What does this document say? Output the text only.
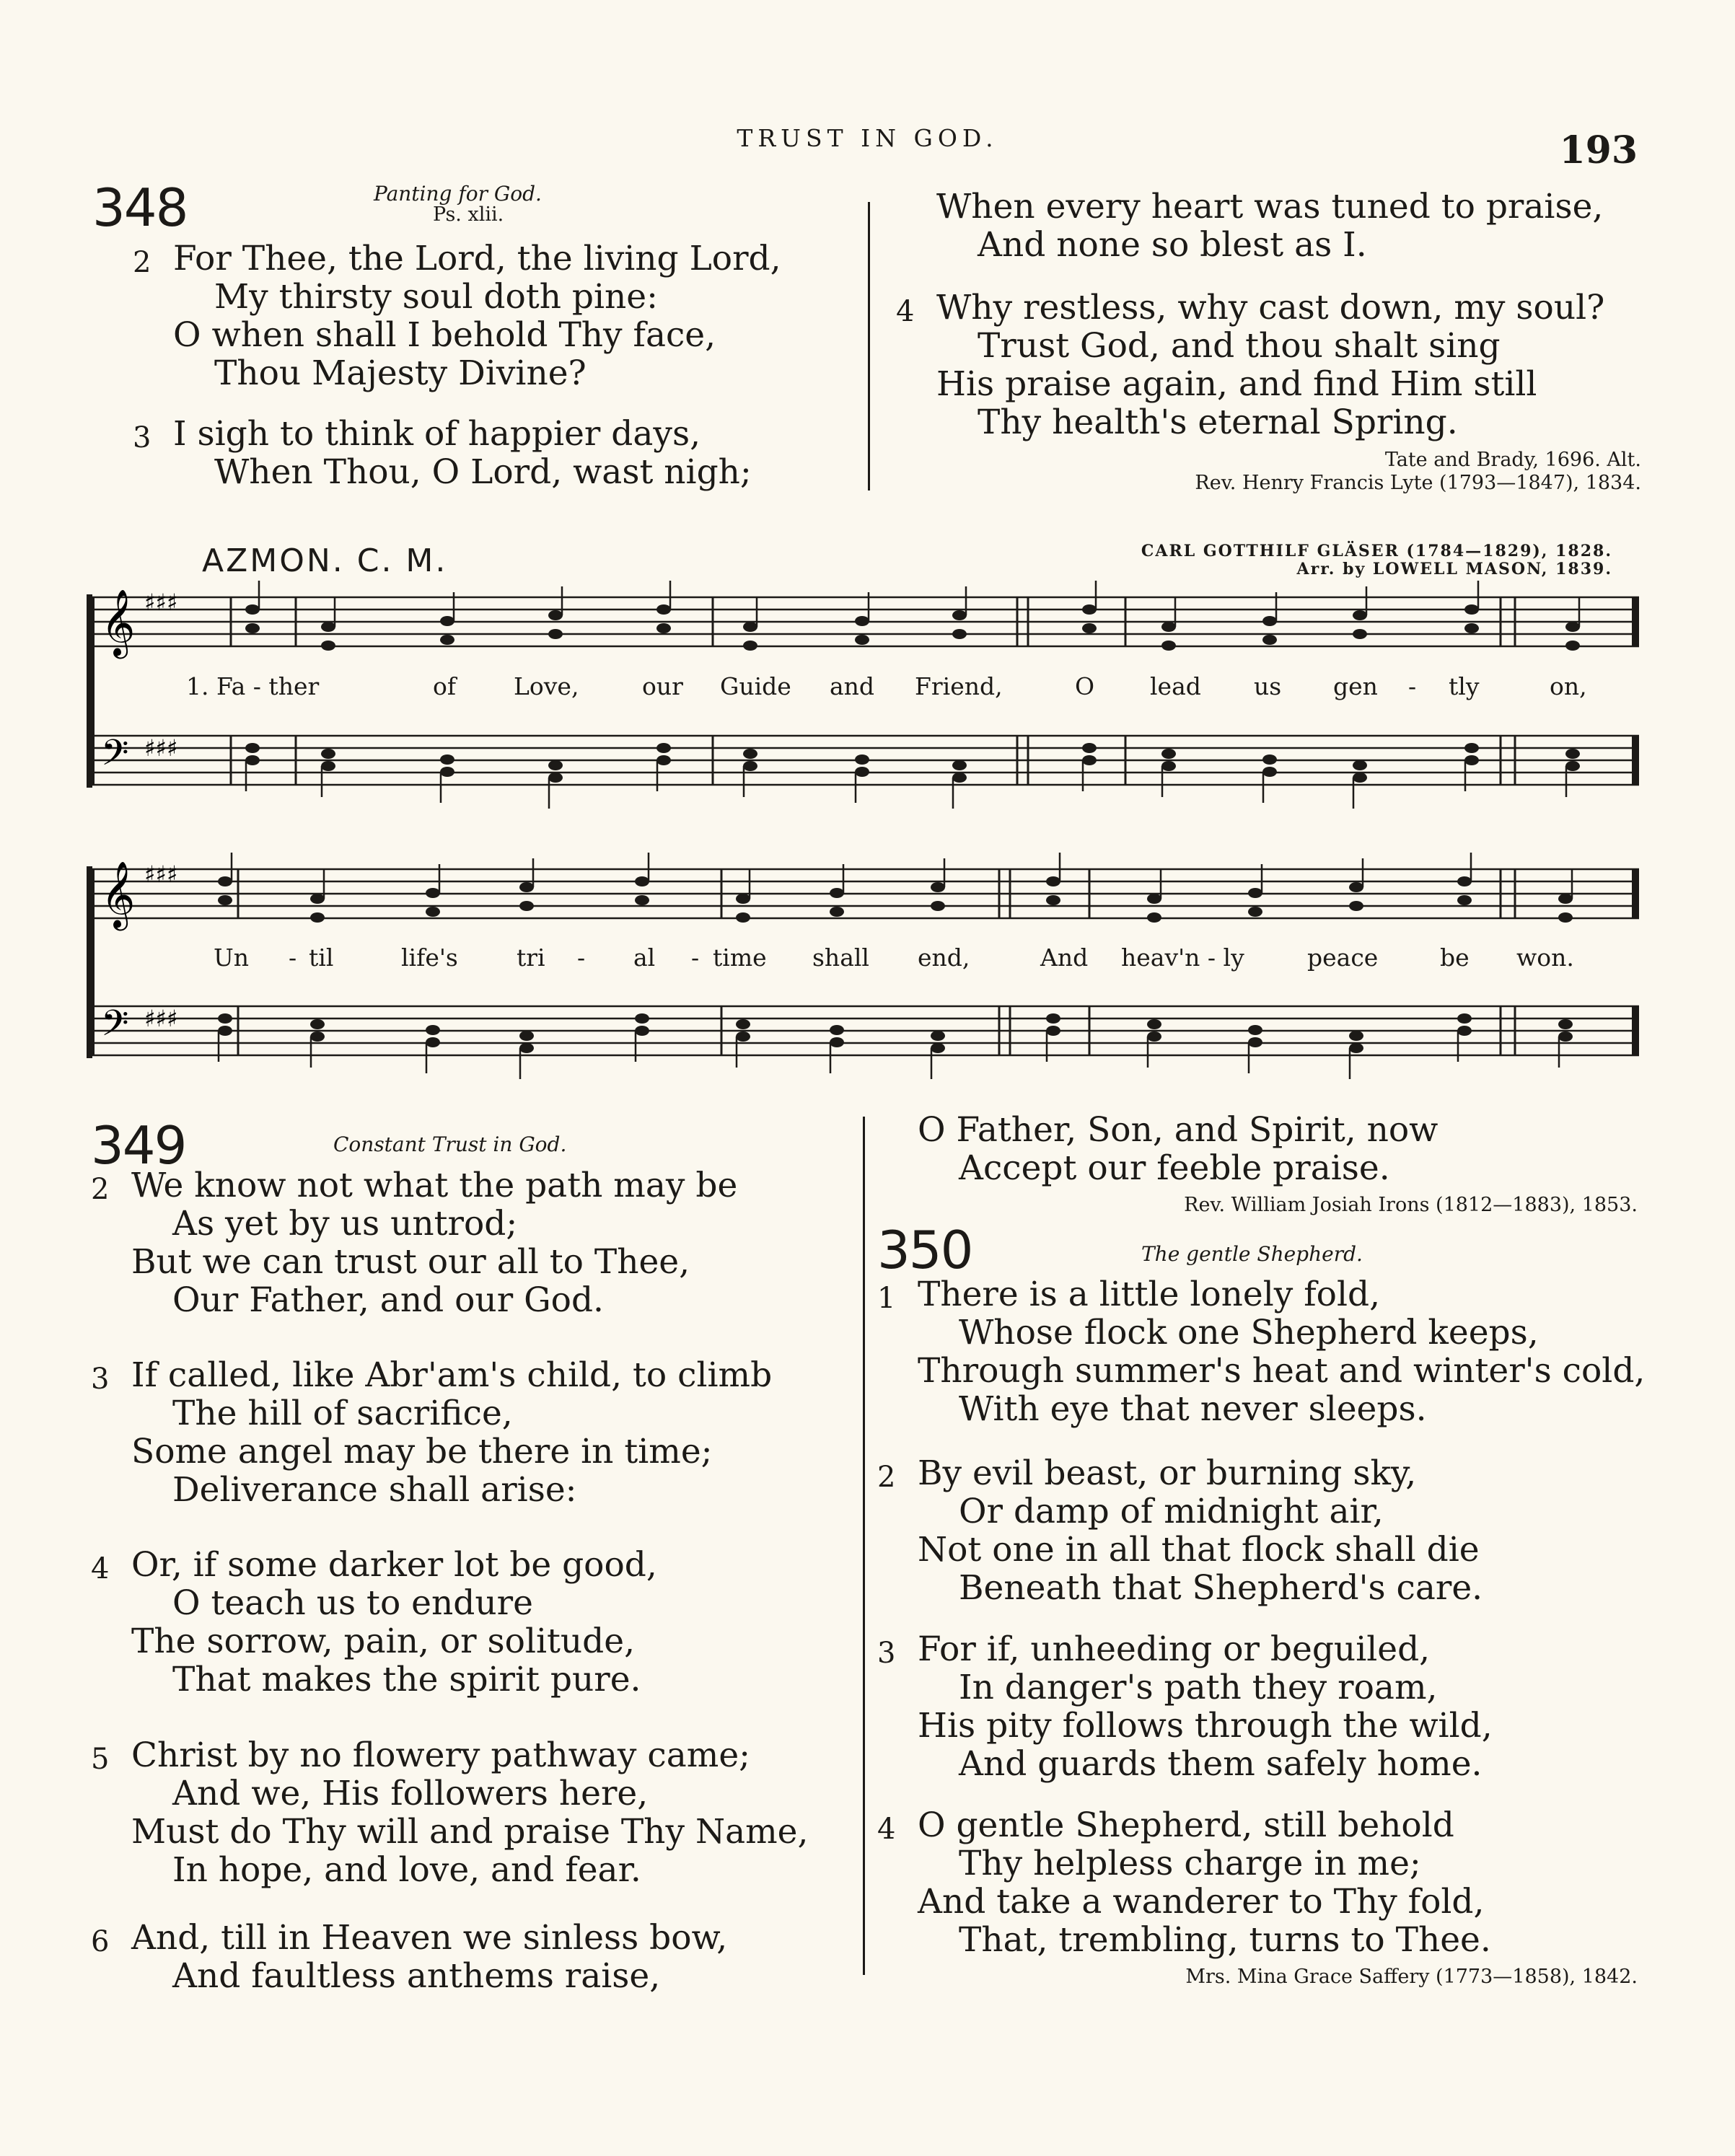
TRUST IN GOD.	193
348	Panting for God.
Ps. xlii.
2 For Thee, the Lord, the living Lord,
My thirsty soul doth pine:
O when shall I behold Thy face,
Thou Majesty Divine?
3 I sigh to think of happier days,
When Thou, O Lord, wast nigh;
When every heart was tuned to praise,
And none so blest as I.
4 Why restless, why cast down, my soul?
Trust God, and thou shalt sing
His praise again, and find Him still
Thy health's eternal Spring.
Tate and Brady, 1696. Alt.
Rev. Henry Francis Lyte (1793—1847), 1834.
AZMON. C. M.	CARL GOTTHILF GLÄSER (1784—1829), 1828.
Arr. by LOWELL MASON, 1839.
𝄞
𝄢
♯♯♯
♯♯♯
𝄞
𝄢
♯♯♯
♯♯♯
1. Fa - ther	of Love,	our Guide and Friend,	O lead us gen - tly	on,
Un - til	life's tri - al - time shall end,	And heav'n - ly	peace	be won.
349	Constant Trust in God.
2 We know not what the path may be
As yet by us untrod;
But we can trust our all to Thee,
Our Father, and our God.
3 If called, like Abr'am's child, to climb
The hill of sacrifice,
Some angel may be there in time;
Deliverance shall arise:
4 Or, if some darker lot be good,
O teach us to endure
The sorrow, pain, or solitude,
That makes the spirit pure.
5 Christ by no flowery pathway came;
And we, His followers here,
Must do Thy will and praise Thy Name,
In hope, and love, and fear.
6 And, till in Heaven we sinless bow,
And faultless anthems raise,
O Father, Son, and Spirit, now
Accept our feeble praise.
Rev. William Josiah Irons (1812—1883), 1853.
350	The gentle Shepherd.
1 There is a little lonely fold,
Whose flock one Shepherd keeps,
Through summer's heat and winter's cold,
With eye that never sleeps.
2 By evil beast, or burning sky,
Or damp of midnight air,
Not one in all that flock shall die
Beneath that Shepherd's care.
3 For if, unheeding or beguiled,
In danger's path they roam,
His pity follows through the wild,
And guards them safely home.
4 O gentle Shepherd, still behold
Thy helpless charge in me;
And take a wanderer to Thy fold,
That, trembling, turns to Thee.
Mrs. Mina Grace Saffery (1773—1858), 1842.
